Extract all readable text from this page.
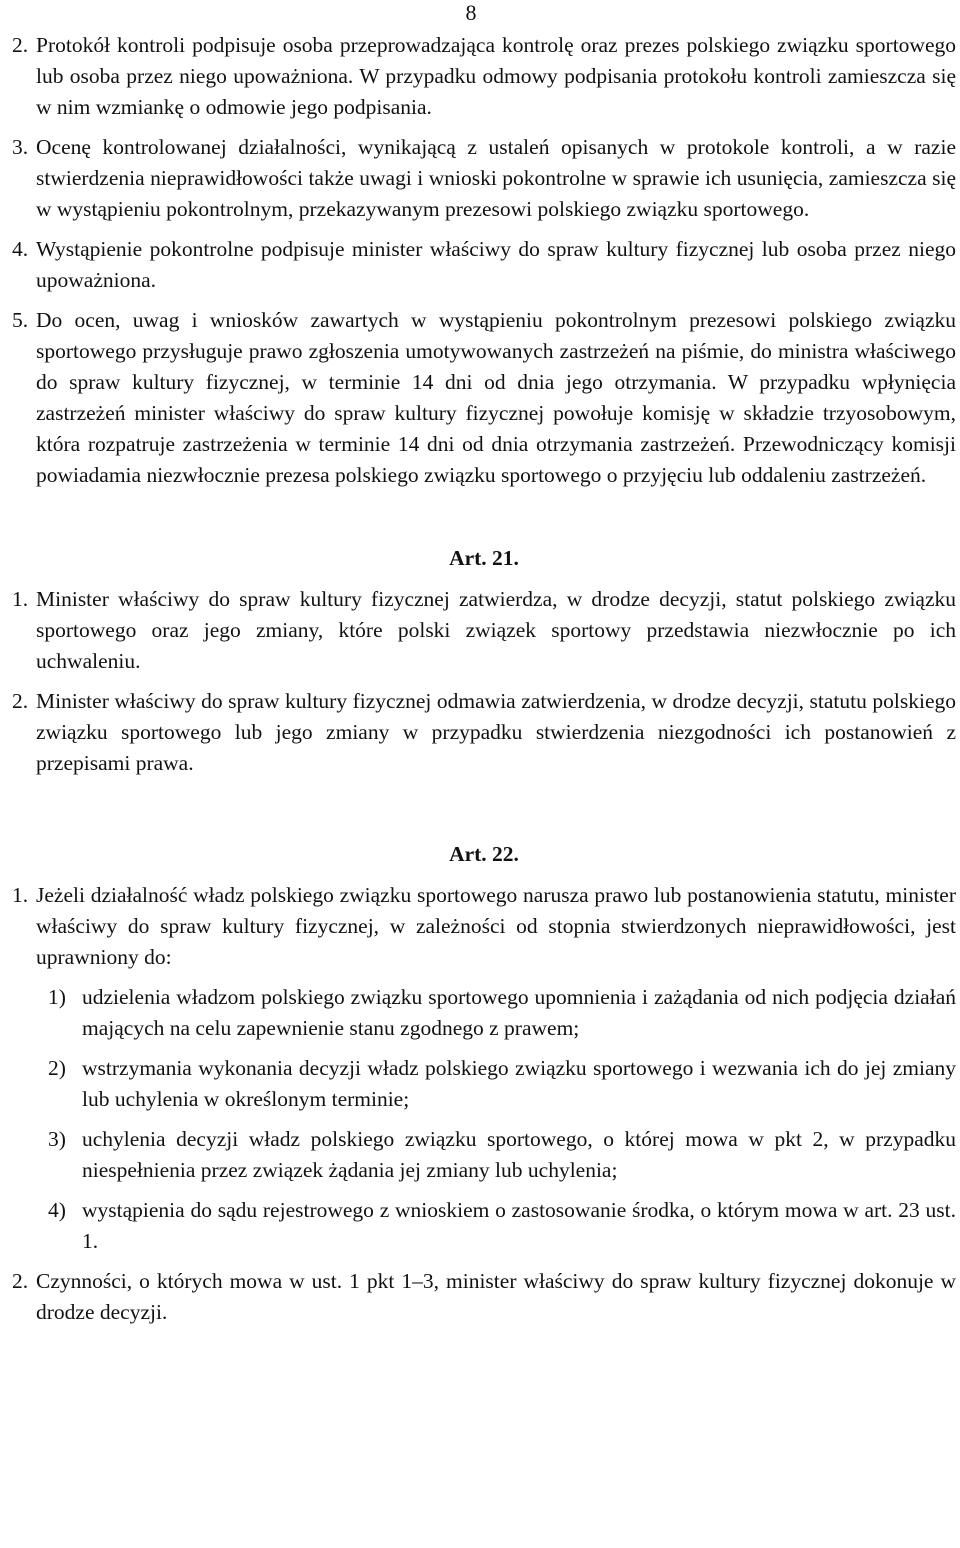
8

2. Protokół kontroli podpisuje osoba przeprowadzająca kontrolę oraz prezes polskiego związku sportowego lub osoba przez niego upoważniona. W przypadku odmowy podpisania protokołu kontroli zamieszcza się w nim wzmiankę o odmowie jego podpisania.

3. Ocenę kontrolowanej działalności, wynikającą z ustaleń opisanych w protokole kontroli, a w razie stwierdzenia nieprawidłowości także uwagi i wnioski pokontrolne w sprawie ich usunięcia, zamieszcza się w wystąpieniu pokontrolnym, przekazywanym prezesowi polskiego związku sportowego.

4. Wystąpienie pokontrolne podpisuje minister właściwy do spraw kultury fizycznej lub osoba przez niego upoważniona.

5. Do ocen, uwag i wniosków zawartych w wystąpieniu pokontrolnym prezesowi polskiego związku sportowego przysługuje prawo zgłoszenia umotywowanych zastrzeżeń na piśmie, do ministra właściwego do spraw kultury fizycznej, w terminie 14 dni od dnia jego otrzymania. W przypadku wpłynięcia zastrzeżeń minister właściwy do spraw kultury fizycznej powołuje komisję w składzie trzyosobowym, która rozpatruje zastrzeżenia w terminie 14 dni od dnia otrzymania zastrzeżeń. Przewodniczący komisji powiadamia niezwłocznie prezesa polskiego związku sportowego o przyjęciu lub oddaleniu zastrzeżeń.

Art. 21.

1. Minister właściwy do spraw kultury fizycznej zatwierdza, w drodze decyzji, statut polskiego związku sportowego oraz jego zmiany, które polski związek sportowy przedstawia niezwłocznie po ich uchwaleniu.

2. Minister właściwy do spraw kultury fizycznej odmawia zatwierdzenia, w drodze decyzji, statutu polskiego związku sportowego lub jego zmiany w przypadku stwierdzenia niezgodności ich postanowień z przepisami prawa.

Art. 22.

1. Jeżeli działalność władz polskiego związku sportowego narusza prawo lub postanowienia statutu, minister właściwy do spraw kultury fizycznej, w zależności od stopnia stwierdzonych nieprawidłowości, jest uprawniony do:

1) udzielenia władzom polskiego związku sportowego upomnienia i zażądania od nich podjęcia działań mających na celu zapewnienie stanu zgodnego z prawem;

2) wstrzymania wykonania decyzji władz polskiego związku sportowego i wezwania ich do jej zmiany lub uchylenia w określonym terminie;

3) uchylenia decyzji władz polskiego związku sportowego, o której mowa w pkt 2, w przypadku niespełnienia przez związek żądania jej zmiany lub uchylenia;

4) wystąpienia do sądu rejestrowego z wnioskiem o zastosowanie środka, o którym mowa w art. 23 ust. 1.

2. Czynności, o których mowa w ust. 1 pkt 1–3, minister właściwy do spraw kultury fizycznej dokonuje w drodze decyzji.
